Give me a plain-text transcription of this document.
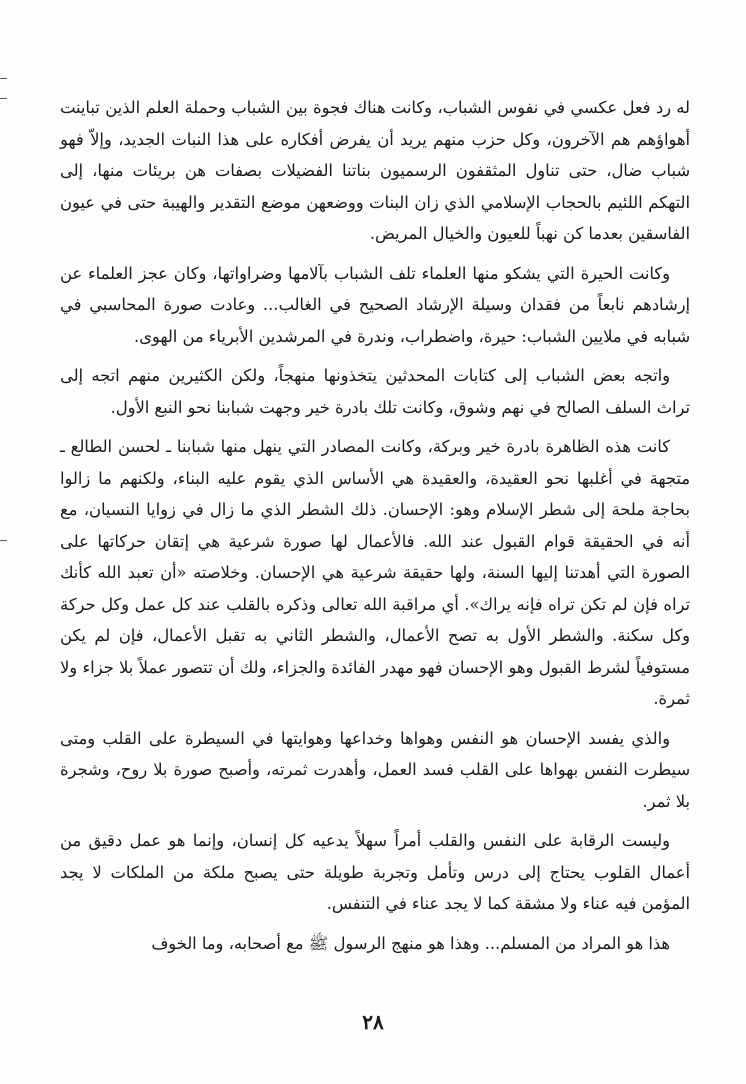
له رد فعل عكسي في نفوس الشباب، وكانت هناك فجوة بين الشباب وحملة العلم الذين تباينت أهواؤهم هم الآخرون، وكل حزب منهم يريد أن يفرض أفكاره على هذا النبات الجديد، وإلاّ فهو شباب ضال، حتى تناول المثقفون الرسميون بناتنا الفضيلات بصفات هن بريئات منها، إلى التهكم اللئيم بالحجاب الإسلامي الذي زان البنات ووضعهن موضع التقدير والهيبة حتى في عيون الفاسقين بعدما كن نهباً للعيون والخيال المريض.

وكانت الحيرة التي يشكو منها العلماء تلف الشباب بآلامها وضراواتها، وكان عجز العلماء عن إرشادهم نابعاً من فقدان وسيلة الإرشاد الصحيح في الغالب... وعادت صورة المحاسبي في شبابه في ملايين الشباب: حيرة، واضطراب، وندرة في المرشدين الأبرياء من الهوى.

واتجه بعض الشباب إلى كتابات المحدثين يتخذونها منهجاً، ولكن الكثيرين منهم اتجه إلى تراث السلف الصالح في نهم وشوق، وكانت تلك بادرة خير وجهت شبابنا نحو النبع الأول.

كانت هذه الظاهرة بادرة خير وبركة، وكانت المصادر التي ينهل منها شبابنا ـ لحسن الطالع ـ متجهة في أغلبها نحو العقيدة، والعقيدة هي الأساس الذي يقوم عليه البناء، ولكنهم ما زالوا بحاجة ملحة إلى شطر الإسلام وهو: الإحسان. ذلك الشطر الذي ما زال في زوايا النسيان، مع أنه في الحقيقة قوام القبول عند الله. فالأعمال لها صورة شرعية هي إتقان حركاتها على الصورة التي أهدتنا إليها السنة، ولها حقيقة شرعية هي الإحسان. وخلاصته «أن تعبد الله كأنك تراه فإن لم تكن تراه فإنه يراك». أي مراقبة الله تعالى وذكره بالقلب عند كل عمل وكل حركة وكل سكنة. والشطر الأول به تصح الأعمال، والشطر الثاني به تقبل الأعمال، فإن لم يكن مستوفياً لشرط القبول وهو الإحسان فهو مهدر الفائدة والجزاء، ولك أن تتصور عملاً بلا جزاء ولا ثمرة.

والذي يفسد الإحسان هو النفس وهواها وخداعها وهوايتها في السيطرة على القلب ومتى سيطرت النفس بهواها على القلب فسد العمل، وأهدرت ثمرته، وأصبح صورة بلا روح، وشجرة بلا ثمر.

وليست الرقابة على النفس والقلب أمراً سهلاً يدعيه كل إنسان، وإنما هو عمل دقيق من أعمال القلوب يحتاج إلى درس وتأمل وتجربة طويلة حتى يصبح ملكة من الملكات لا يجد المؤمن فيه عناء ولا مشقة كما لا يجد عناء في التنفس.

هذا هو المراد من المسلم... وهذا هو منهج الرسول ﷺ مع أصحابه، وما الخوف

٢٨
